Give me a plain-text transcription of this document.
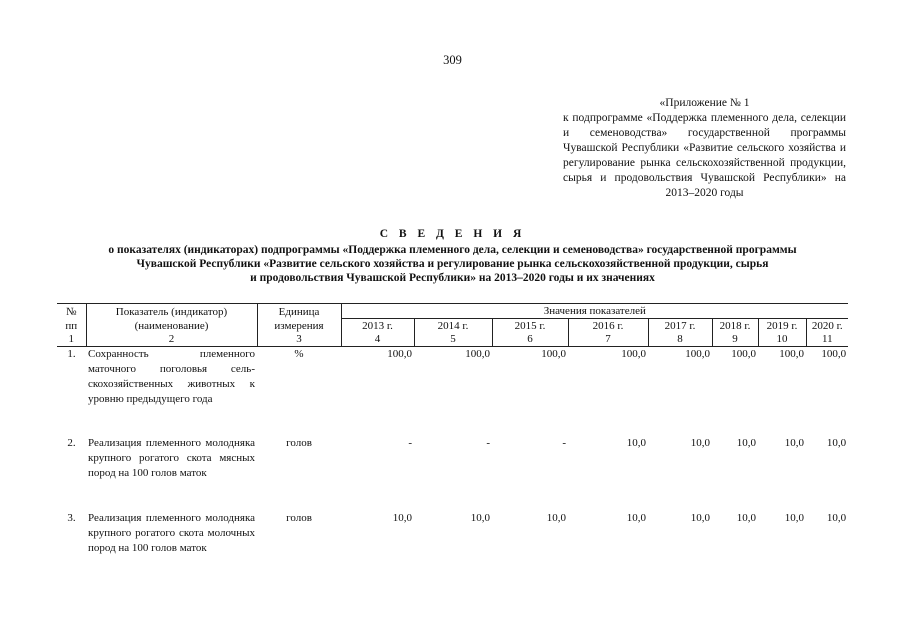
309
«Приложение № 1
к подпрограмме «Поддержка племенного дела, селекции и семеноводства» государственной программы Чувашской Республики «Развитие сельского хозяйства и регулирование рынка сельскохозяйственной продукции, сырья и продовольствия Чувашской Республики» на 2013–2020 годы
С В Е Д Е Н И Я
о показателях (индикаторах) подпрограммы «Поддержка племенного дела, селекции и семеноводства» государственной программы
Чувашской Республики «Развитие сельского хозяйства и регулирование рынка сельскохозяйственной продукции, сырья
и продовольствия Чувашской Республики» на 2013–2020 годы и их значениях
№ пп	Показатель (индикатор) (наименование)	Единица измерения	Значения показателей							
			2013 г.	2014 г.	2015 г.	2016 г.	2017 г.	2018 г.	2019 г.	2020 г.
1	2	3	4	5	6	7	8	9	10	11
1.	Сохранность племенного маточного поголовья сельскохозяйственных животных к уровню предыдущего года	%	100,0	100,0	100,0	100,0	100,0	100,0	100,0	100,0
2.	Реализация племенного молодняка крупного рогатого скота мясных пород на 100 голов маток	голов	-	-	-	10,0	10,0	10,0	10,0	10,0
3.	Реализация племенного молодняка крупного рогатого скота молочных пород на 100 голов маток	голов	10,0	10,0	10,0	10,0	10,0	10,0	10,0	10,0
